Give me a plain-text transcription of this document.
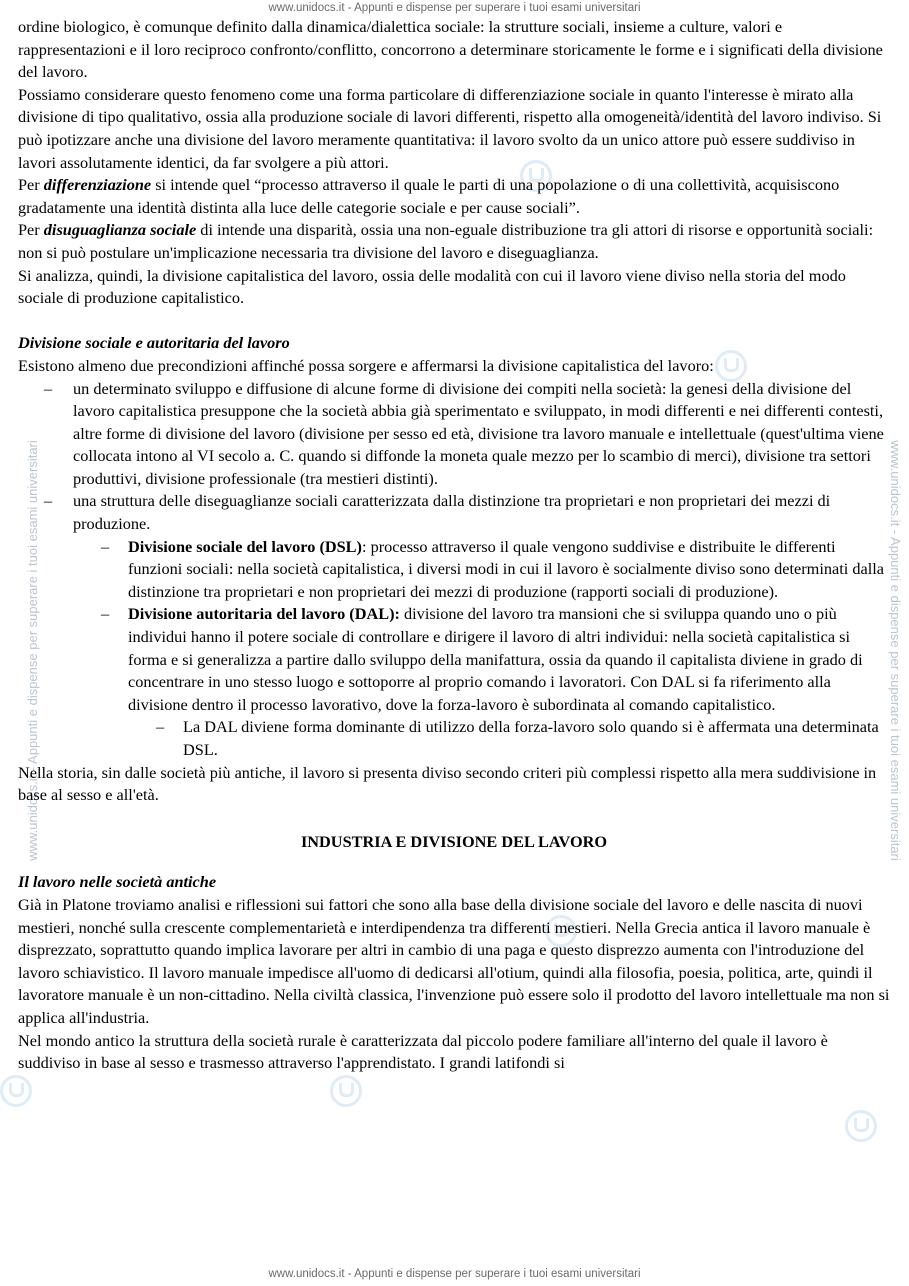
www.unidocs.it - Appunti e dispense per superare i tuoi esami universitari
www.unidocs.it - Appunti e dispense per superare i tuoi esami universitari	www.unidocs.it - Appunti e dispense per superare i tuoi esami universitari

ordine biologico, è comunque definito dalla dinamica/dialettica sociale: la strutture sociali, insieme a culture, valori e rappresentazioni e il loro reciproco confronto/conflitto, concorrono a determinare storicamente le forme e i significati della divisione del lavoro.

Possiamo considerare questo fenomeno come una forma particolare di differenziazione sociale in quanto l'interesse è mirato alla divisione di tipo qualitativo, ossia alla produzione sociale di lavori differenti, rispetto alla omogeneità/identità del lavoro indiviso. Si può ipotizzare anche una divisione del lavoro meramente quantitativa: il lavoro svolto da un unico attore può essere suddiviso in lavori assolutamente identici, da far svolgere a più attori.

Per differenziazione si intende quel “processo attraverso il quale le parti di una popolazione o di una collettività, acquisiscono gradatamente una identità distinta alla luce delle categorie sociale e per cause sociali”.

Per disuguaglianza sociale di intende una disparità, ossia una non-eguale distribuzione tra gli attori di risorse e opportunità sociali: non si può postulare un'implicazione necessaria tra divisione del lavoro e diseguaglianza.

Si analizza, quindi, la divisione capitalistica del lavoro, ossia delle modalità con cui il lavoro viene diviso nella storia del modo sociale di produzione capitalistico.

Divisione sociale e autoritaria del lavoro

Esistono almeno due precondizioni affinché possa sorgere e affermarsi la divisione capitalistica del lavoro:

– un determinato sviluppo e diffusione di alcune forme di divisione dei compiti nella società: la genesi della divisione del lavoro capitalistica presuppone che la società abbia già sperimentato e sviluppato, in modi differenti e nei differenti contesti, altre forme di divisione del lavoro (divisione per sesso ed età, divisione tra lavoro manuale e intellettuale (quest'ultima viene collocata intono al VI secolo a. C. quando si diffonde la moneta quale mezzo per lo scambio di merci), divisione tra settori produttivi, divisione professionale (tra mestieri distinti).
– una struttura delle diseguaglianze sociali caratterizzata dalla distinzione tra proprietari e non proprietari dei mezzi di produzione.
– Divisione sociale del lavoro (DSL): processo attraverso il quale vengono suddivise e distribuite le differenti funzioni sociali: nella società capitalistica, i diversi modi in cui il lavoro è socialmente diviso sono determinati dalla distinzione tra proprietari e non proprietari dei mezzi di produzione (rapporti sociali di produzione).
– Divisione autoritaria del lavoro (DAL): divisione del lavoro tra mansioni che si sviluppa quando uno o più individui hanno il potere sociale di controllare e dirigere il lavoro di altri individui: nella società capitalistica si forma e si generalizza a partire dallo sviluppo della manifattura, ossia da quando il capitalista diviene in grado di concentrare in uno stesso luogo e sottoporre al proprio comando i lavoratori. Con DAL si fa riferimento alla divisione dentro il processo lavorativo, dove la forza-lavoro è subordinata al comando capitalistico.
– La DAL diviene forma dominante di utilizzo della forza-lavoro solo quando si è affermata una determinata DSL.

Nella storia, sin dalle società più antiche, il lavoro si presenta diviso secondo criteri più complessi rispetto alla mera suddivisione in base al sesso e all'età.

INDUSTRIA E DIVISIONE DEL LAVORO

Il lavoro nelle società antiche

Già in Platone troviamo analisi e riflessioni sui fattori che sono alla base della divisione sociale del lavoro e delle nascita di nuovi mestieri, nonché sulla crescente complementarietà e interdipendenza tra differenti mestieri. Nella Grecia antica il lavoro manuale è disprezzato, soprattutto quando implica lavorare per altri in cambio di una paga e questo disprezzo aumenta con l'introduzione del lavoro schiavistico. Il lavoro manuale impedisce all'uomo di dedicarsi all'otium, quindi alla filosofia, poesia, politica, arte, quindi il lavoratore manuale è un non-cittadino. Nella civiltà classica, l'invenzione può essere solo il prodotto del lavoro intellettuale ma non si applica all'industria.

Nel mondo antico la struttura della società rurale è caratterizzata dal piccolo podere familiare all'interno del quale il lavoro è suddiviso in base al sesso e trasmesso attraverso l'apprendistato. I grandi latifondi si

www.unidocs.it - Appunti e dispense per superare i tuoi esami universitari
